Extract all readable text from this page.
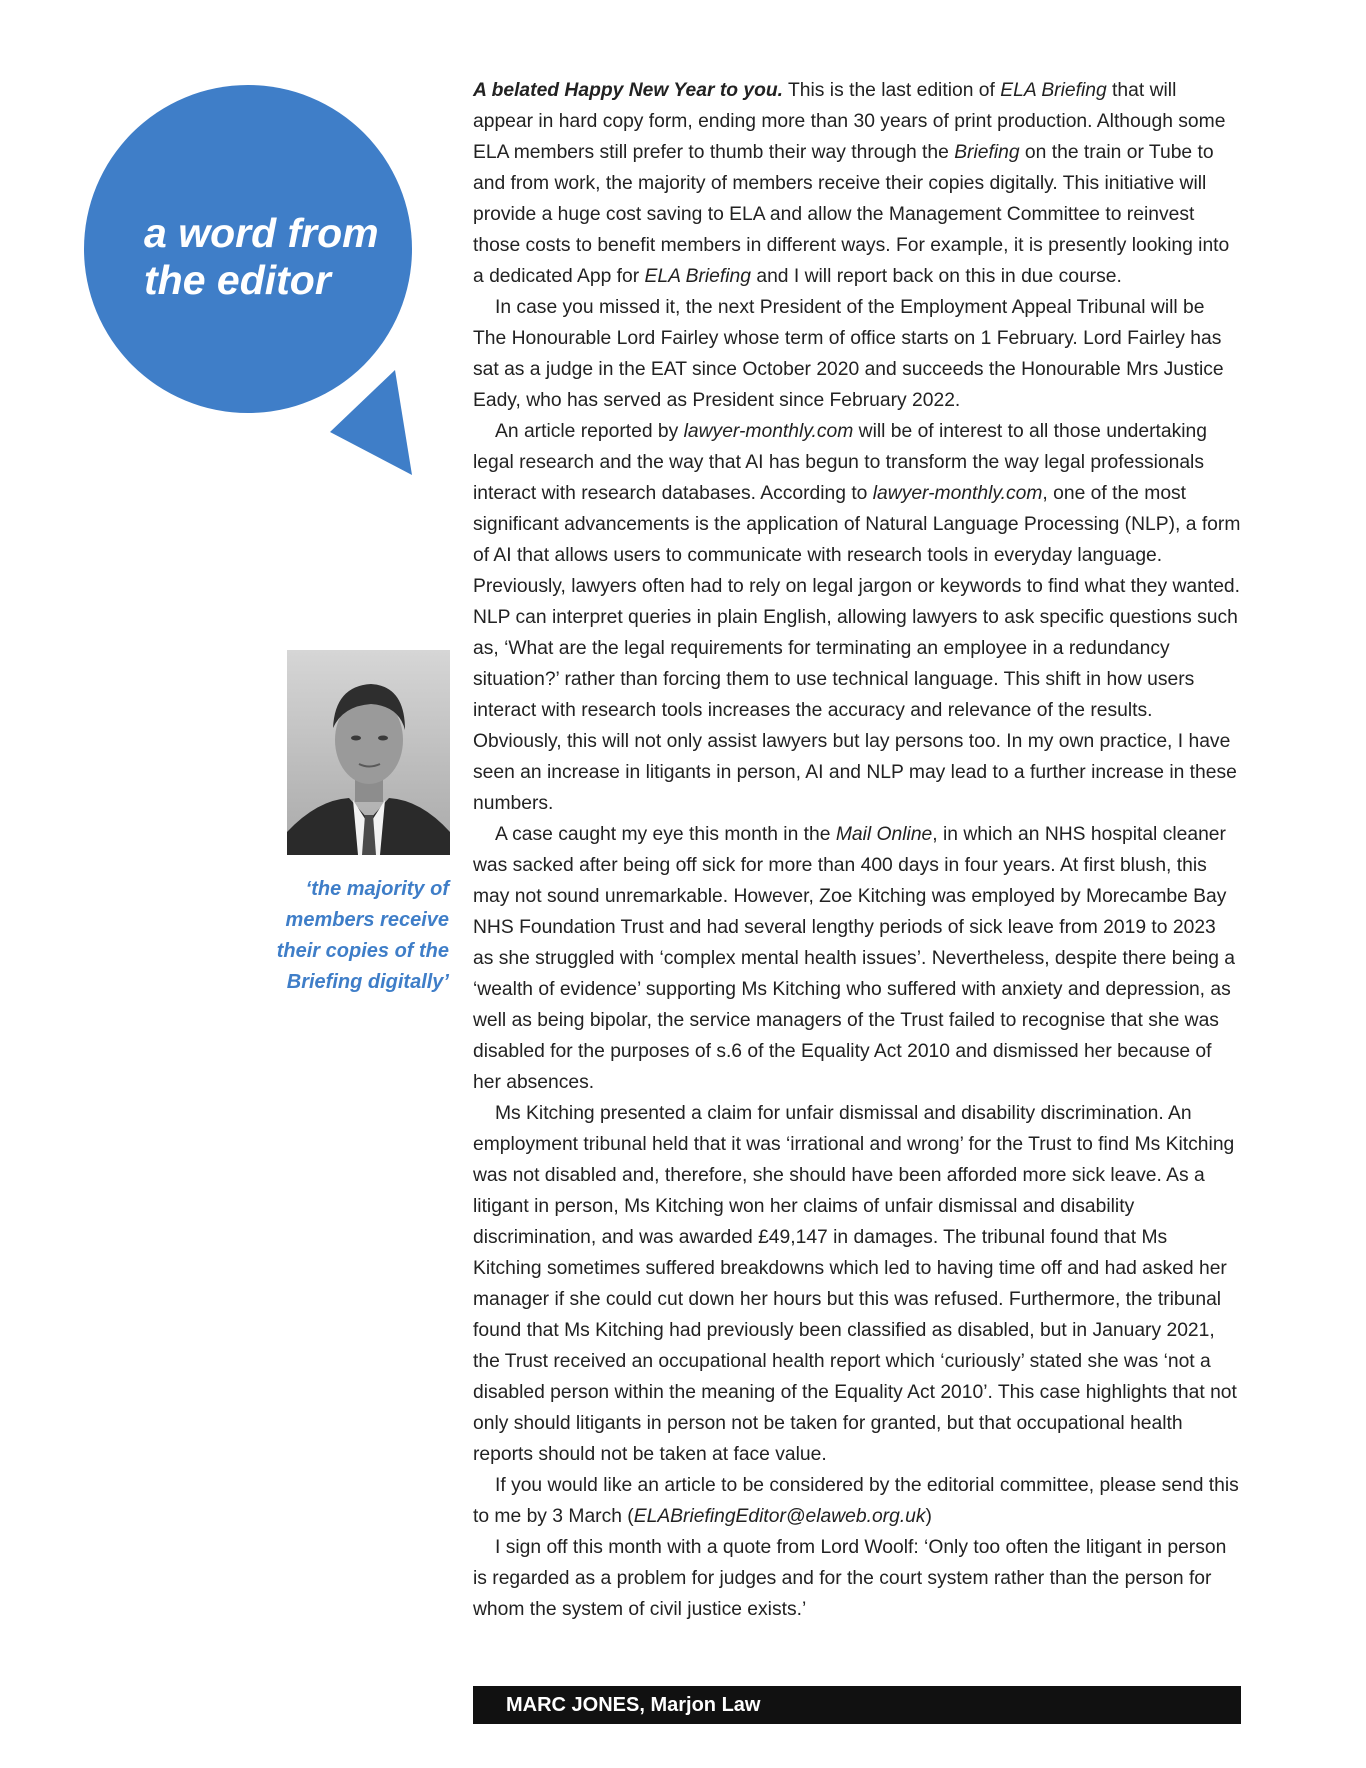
a word from
the editor
‘the majority of
members receive
their copies of the
Briefing digitally’

A belated Happy New Year to you. This is the last edition of ELA Briefing that will appear in hard copy form, ending more than 30 years of print production. Although some ELA members still prefer to thumb their way through the Briefing on the train or Tube to and from work, the majority of members receive their copies digitally. This initiative will provide a huge cost saving to ELA and allow the Management Committee to reinvest those costs to benefit members in different ways. For example, it is presently looking into a dedicated App for ELA Briefing and I will report back on this in due course.

In case you missed it, the next President of the Employment Appeal Tribunal will be The Honourable Lord Fairley whose term of office starts on 1 February. Lord Fairley has sat as a judge in the EAT since October 2020 and succeeds the Honourable Mrs Justice Eady, who has served as President since February 2022.

An article reported by lawyer-monthly.com will be of interest to all those undertaking legal research and the way that AI has begun to transform the way legal professionals interact with research databases. According to lawyer-monthly.com, one of the most significant advancements is the application of Natural Language Processing (NLP), a form of AI that allows users to communicate with research tools in everyday language. Previously, lawyers often had to rely on legal jargon or keywords to find what they wanted. NLP can interpret queries in plain English, allowing lawyers to ask specific questions such as, ‘What are the legal requirements for terminating an employee in a redundancy situation?’ rather than forcing them to use technical language. This shift in how users interact with research tools increases the accuracy and relevance of the results. Obviously, this will not only assist lawyers but lay persons too. In my own practice, I have seen an increase in litigants in person, AI and NLP may lead to a further increase in these numbers.

A case caught my eye this month in the Mail Online, in which an NHS hospital cleaner was sacked after being off sick for more than 400 days in four years. At first blush, this may not sound unremarkable. However, Zoe Kitching was employed by Morecambe Bay NHS Foundation Trust and had several lengthy periods of sick leave from 2019 to 2023 as she struggled with ‘complex mental health issues’. Nevertheless, despite there being a ‘wealth of evidence’ supporting Ms Kitching who suffered with anxiety and depression, as well as being bipolar, the service managers of the Trust failed to recognise that she was disabled for the purposes of s.6 of the Equality Act 2010 and dismissed her because of her absences.

Ms Kitching presented a claim for unfair dismissal and disability discrimination. An employment tribunal held that it was ‘irrational and wrong’ for the Trust to find Ms Kitching was not disabled and, therefore, she should have been afforded more sick leave. As a litigant in person, Ms Kitching won her claims of unfair dismissal and disability discrimination, and was awarded £49,147 in damages. The tribunal found that Ms Kitching sometimes suffered breakdowns which led to having time off and had asked her manager if she could cut down her hours but this was refused. Furthermore, the tribunal found that Ms Kitching had previously been classified as disabled, but in January 2021, the Trust received an occupational health report which ‘curiously’ stated she was ‘not a disabled person within the meaning of the Equality Act 2010’. This case highlights that not only should litigants in person not be taken for granted, but that occupational health reports should not be taken at face value.

If you would like an article to be considered by the editorial committee, please send this to me by 3 March (ELABriefingEditor@elaweb.org.uk)

I sign off this month with a quote from Lord Woolf: ‘Only too often the litigant in person is regarded as a problem for judges and for the court system rather than the person for whom the system of civil justice exists.’

MARC JONES, Marjon Law
